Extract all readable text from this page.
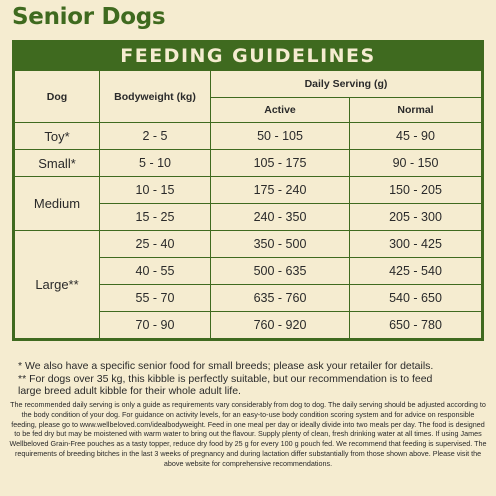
Senior Dogs
FEEDING GUIDELINES
Dog	Bodyweight (kg)	Daily Serving (g)	
		Active	Normal
Toy*	2 - 5	50 - 105	45 - 90
Small*	5 - 10	105 - 175	90 - 150
Medium	10 - 15	175 - 240	150 - 205
	15 - 25	240 - 350	205 - 300
Large**	25 - 40	350 - 500	300 - 425
	40 - 55	500 - 635	425 - 540
	55 - 70	635 - 760	540 - 650
	70 - 90	760 - 920	650 - 780

* We also have a specific senior food for small breeds; please ask your retailer for details.

** For dogs over 35 kg, this kibble is perfectly suitable, but our recommendation is to feed

large breed adult kibble for their whole adult life.

The recommended daily serving is only a guide as requirements vary considerably from dog to dog. The daily serving should be adjusted according to the body condition of your dog. For guidance on activity levels, for an easy-to-use body condition scoring system and for advice on responsible feeding, please go to www.wellbeloved.com/idealbodyweight. Feed in one meal per day or ideally divide into two meals per day. The food is designed to be fed dry but may be moistened with warm water to bring out the flavour. Supply plenty of clean, fresh drinking water at all times. If using James Wellbeloved Grain-Free pouches as a tasty topper, reduce dry food by 25 g for every 100 g pouch fed. We recommend that feeding is supervised. The requirements of breeding bitches in the last 3 weeks of pregnancy and during lactation differ substantially from those shown above. Please visit the above website for comprehensive recommendations.
